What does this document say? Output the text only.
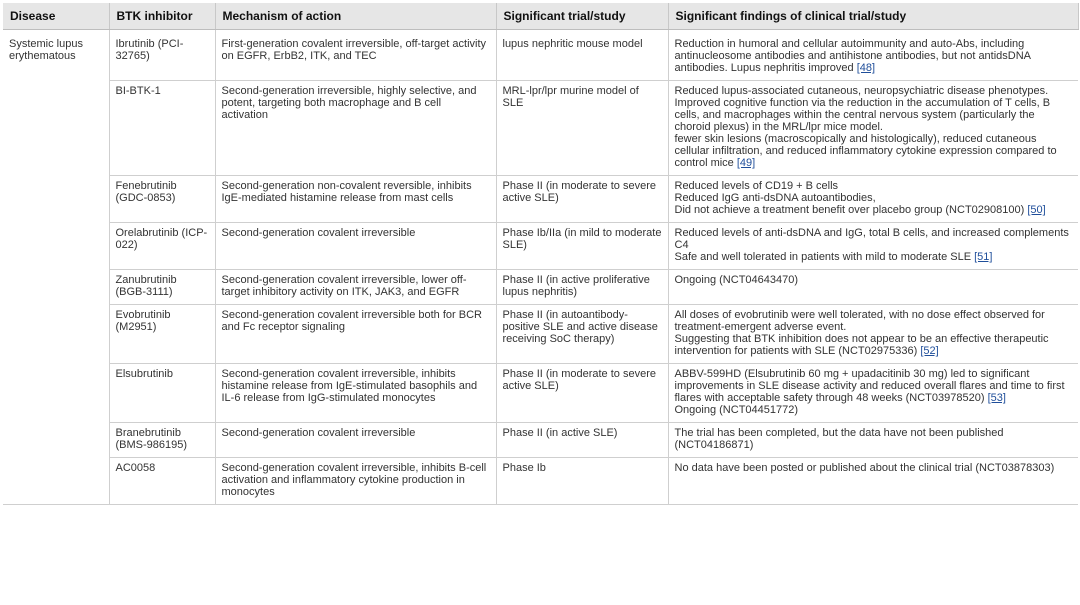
Disease	BTK inhibitor	Mechanism of action	Significant trial/study	Significant findings of clinical trial/study
Systemic lupus erythematous	Ibrutinib (PCI-32765)	First-generation covalent irreversible, off-target activity on EGFR, ErbB2, ITK, and TEC	lupus nephritic mouse model	Reduction in humoral and cellular autoimmunity and auto-Abs, including antinucleosome antibodies and antihistone antibodies, but not antidsDNA antibodies. Lupus nephritis improved [48]

	BI-BTK-1	Second-generation irreversible, highly selective, and potent, targeting both macrophage and B cell activation	MRL-lpr/lpr murine model of SLE	Reduced lupus-associated cutaneous, neuropsychiatric disease phenotypes.
Improved cognitive function via the reduction in the accumulation of T cells, B cells, and macrophages within the central nervous system (particularly the choroid plexus) in the MRL/lpr mice model.
fewer skin lesions (macroscopically and histologically), reduced cutaneous cellular infiltration, and reduced inflammatory cytokine expression compared to control mice [49]

	Fenebrutinib (GDC-0853)	Second-generation non-covalent reversible, inhibits IgE-mediated histamine release from mast cells	Phase II (in moderate to severe active SLE)	Reduced levels of CD19 + B cells
Reduced IgG anti-dsDNA autoantibodies,
Did not achieve a treatment benefit over placebo group (NCT02908100) [50]

	Orelabrutinib (ICP-022)	Second-generation covalent irreversible	Phase Ib/IIa (in mild to moderate SLE)	Reduced levels of anti-dsDNA and IgG, total B cells, and increased complements C4
Safe and well tolerated in patients with mild to moderate SLE [51]

	Zanubrutinib (BGB-3111)	Second-generation covalent irreversible, lower off-target inhibitory activity on ITK, JAK3, and EGFR	Phase II (in active proliferative lupus nephritis)	Ongoing (NCT04643470)

	Evobrutinib (M2951)	Second-generation covalent irreversible both for BCR and Fc receptor signaling	Phase II (in autoantibody-positive SLE and active disease receiving SoC therapy)	All doses of evobrutinib were well tolerated, with no dose effect observed for treatment-emergent adverse event.
Suggesting that BTK inhibition does not appear to be an effective therapeutic intervention for patients with SLE (NCT02975336) [52]

	Elsubrutinib	Second-generation covalent irreversible, inhibits histamine release from IgE-stimulated basophils and IL-6 release from IgG-stimulated monocytes	Phase II (in moderate to severe active SLE)	ABBV-599HD (Elsubrutinib 60 mg + upadacitinib 30 mg) led to significant improvements in SLE disease activity and reduced overall flares and time to first flares with acceptable safety through 48 weeks (NCT03978520) [53]
Ongoing (NCT04451772)

	Branebrutinib (BMS-986195)	Second-generation covalent irreversible	Phase II (in active SLE)	The trial has been completed, but the data have not been published (NCT04186871)

	AC0058	Second-generation covalent irreversible, inhibits B-cell activation and inflammatory cytokine production in monocytes	Phase Ib	No data have been posted or published about the clinical trial (NCT03878303)
